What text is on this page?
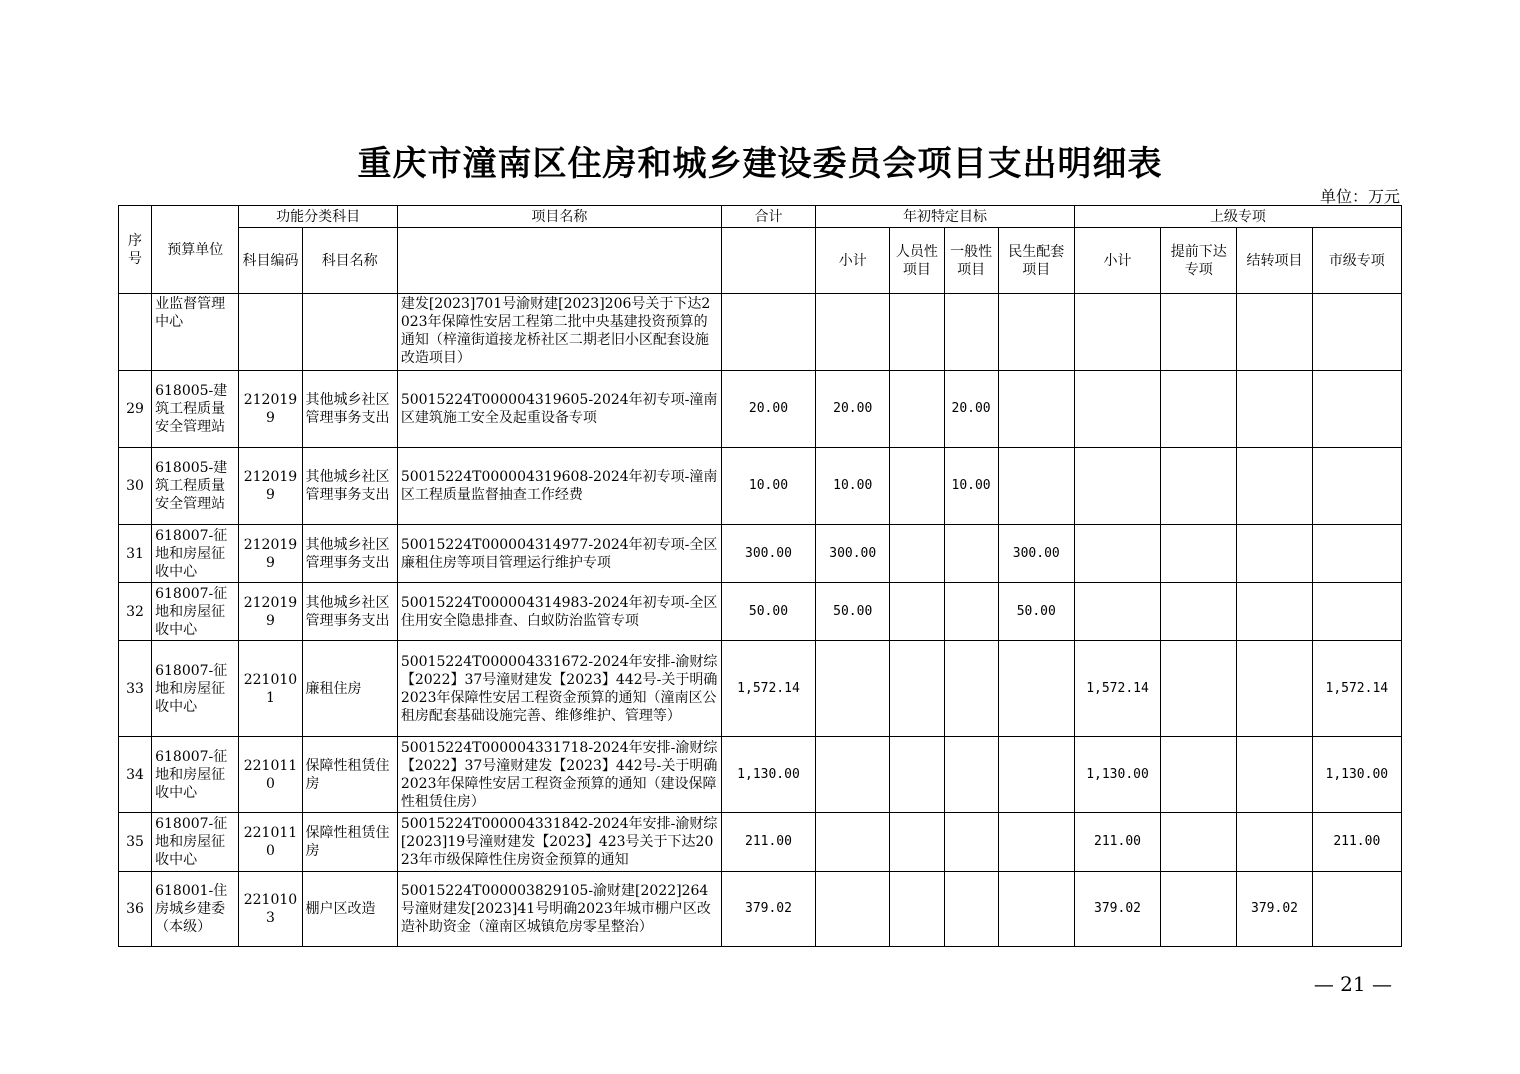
重庆市潼南区住房和城乡建设委员会项目支出明细表
单位：万元
序号	预算单位	功能分类科目		项目名称	合计	年初特定目标				上级专项			
		科目编码	科目名称			小计	人员性项目	一般性项目	民生配套项目	小计	提前下达专项	结转项目	市级专项
	业监督管理中心			建发[2023]701号渝财建[2023]206号关于下达2023年保障性安居工程第二批中央基建投资预算的通知（梓潼街道接龙桥社区二期老旧小区配套设施改造项目）									
29	618005-建筑工程质量安全管理站	2120199	其他城乡社区管理事务支出	50015224T000004319605-2024年初专项-潼南区建筑施工安全及起重设备专项	20.00	20.00		20.00					
30	618005-建筑工程质量安全管理站	2120199	其他城乡社区管理事务支出	50015224T000004319608-2024年初专项-潼南区工程质量监督抽查工作经费	10.00	10.00		10.00					
31	618007-征地和房屋征收中心	2120199	其他城乡社区管理事务支出	50015224T000004314977-2024年初专项-全区廉租住房等项目管理运行维护专项	300.00	300.00			300.00				
32	618007-征地和房屋征收中心	2120199	其他城乡社区管理事务支出	50015224T000004314983-2024年初专项-全区住用安全隐患排查、白蚁防治监管专项	50.00	50.00			50.00				
33	618007-征地和房屋征收中心	2210101	廉租住房	50015224T000004331672-2024年安排-渝财综【2022】37号潼财建发【2023】442号-关于明确2023年保障性安居工程资金预算的通知（潼南区公租房配套基础设施完善、维修维护、管理等）	1,572.14					1,572.14			1,572.14
34	618007-征地和房屋征收中心	2210110	保障性租赁住房	50015224T000004331718-2024年安排-渝财综【2022】37号潼财建发【2023】442号-关于明确2023年保障性安居工程资金预算的通知（建设保障性租赁住房）	1,130.00					1,130.00			1,130.00
35	618007-征地和房屋征收中心	2210110	保障性租赁住房	50015224T000004331842-2024年安排-渝财综[2023]19号潼财建发【2023】423号关于下达2023年市级保障性住房资金预算的通知	211.00					211.00			211.00
36	618001-住房城乡建委（本级）	2210103	棚户区改造	50015224T000003829105-渝财建[2022]264号潼财建发[2023]41号明确2023年城市棚户区改造补助资金（潼南区城镇危房零星整治）	379.02					379.02		379.02	
— 21 —
